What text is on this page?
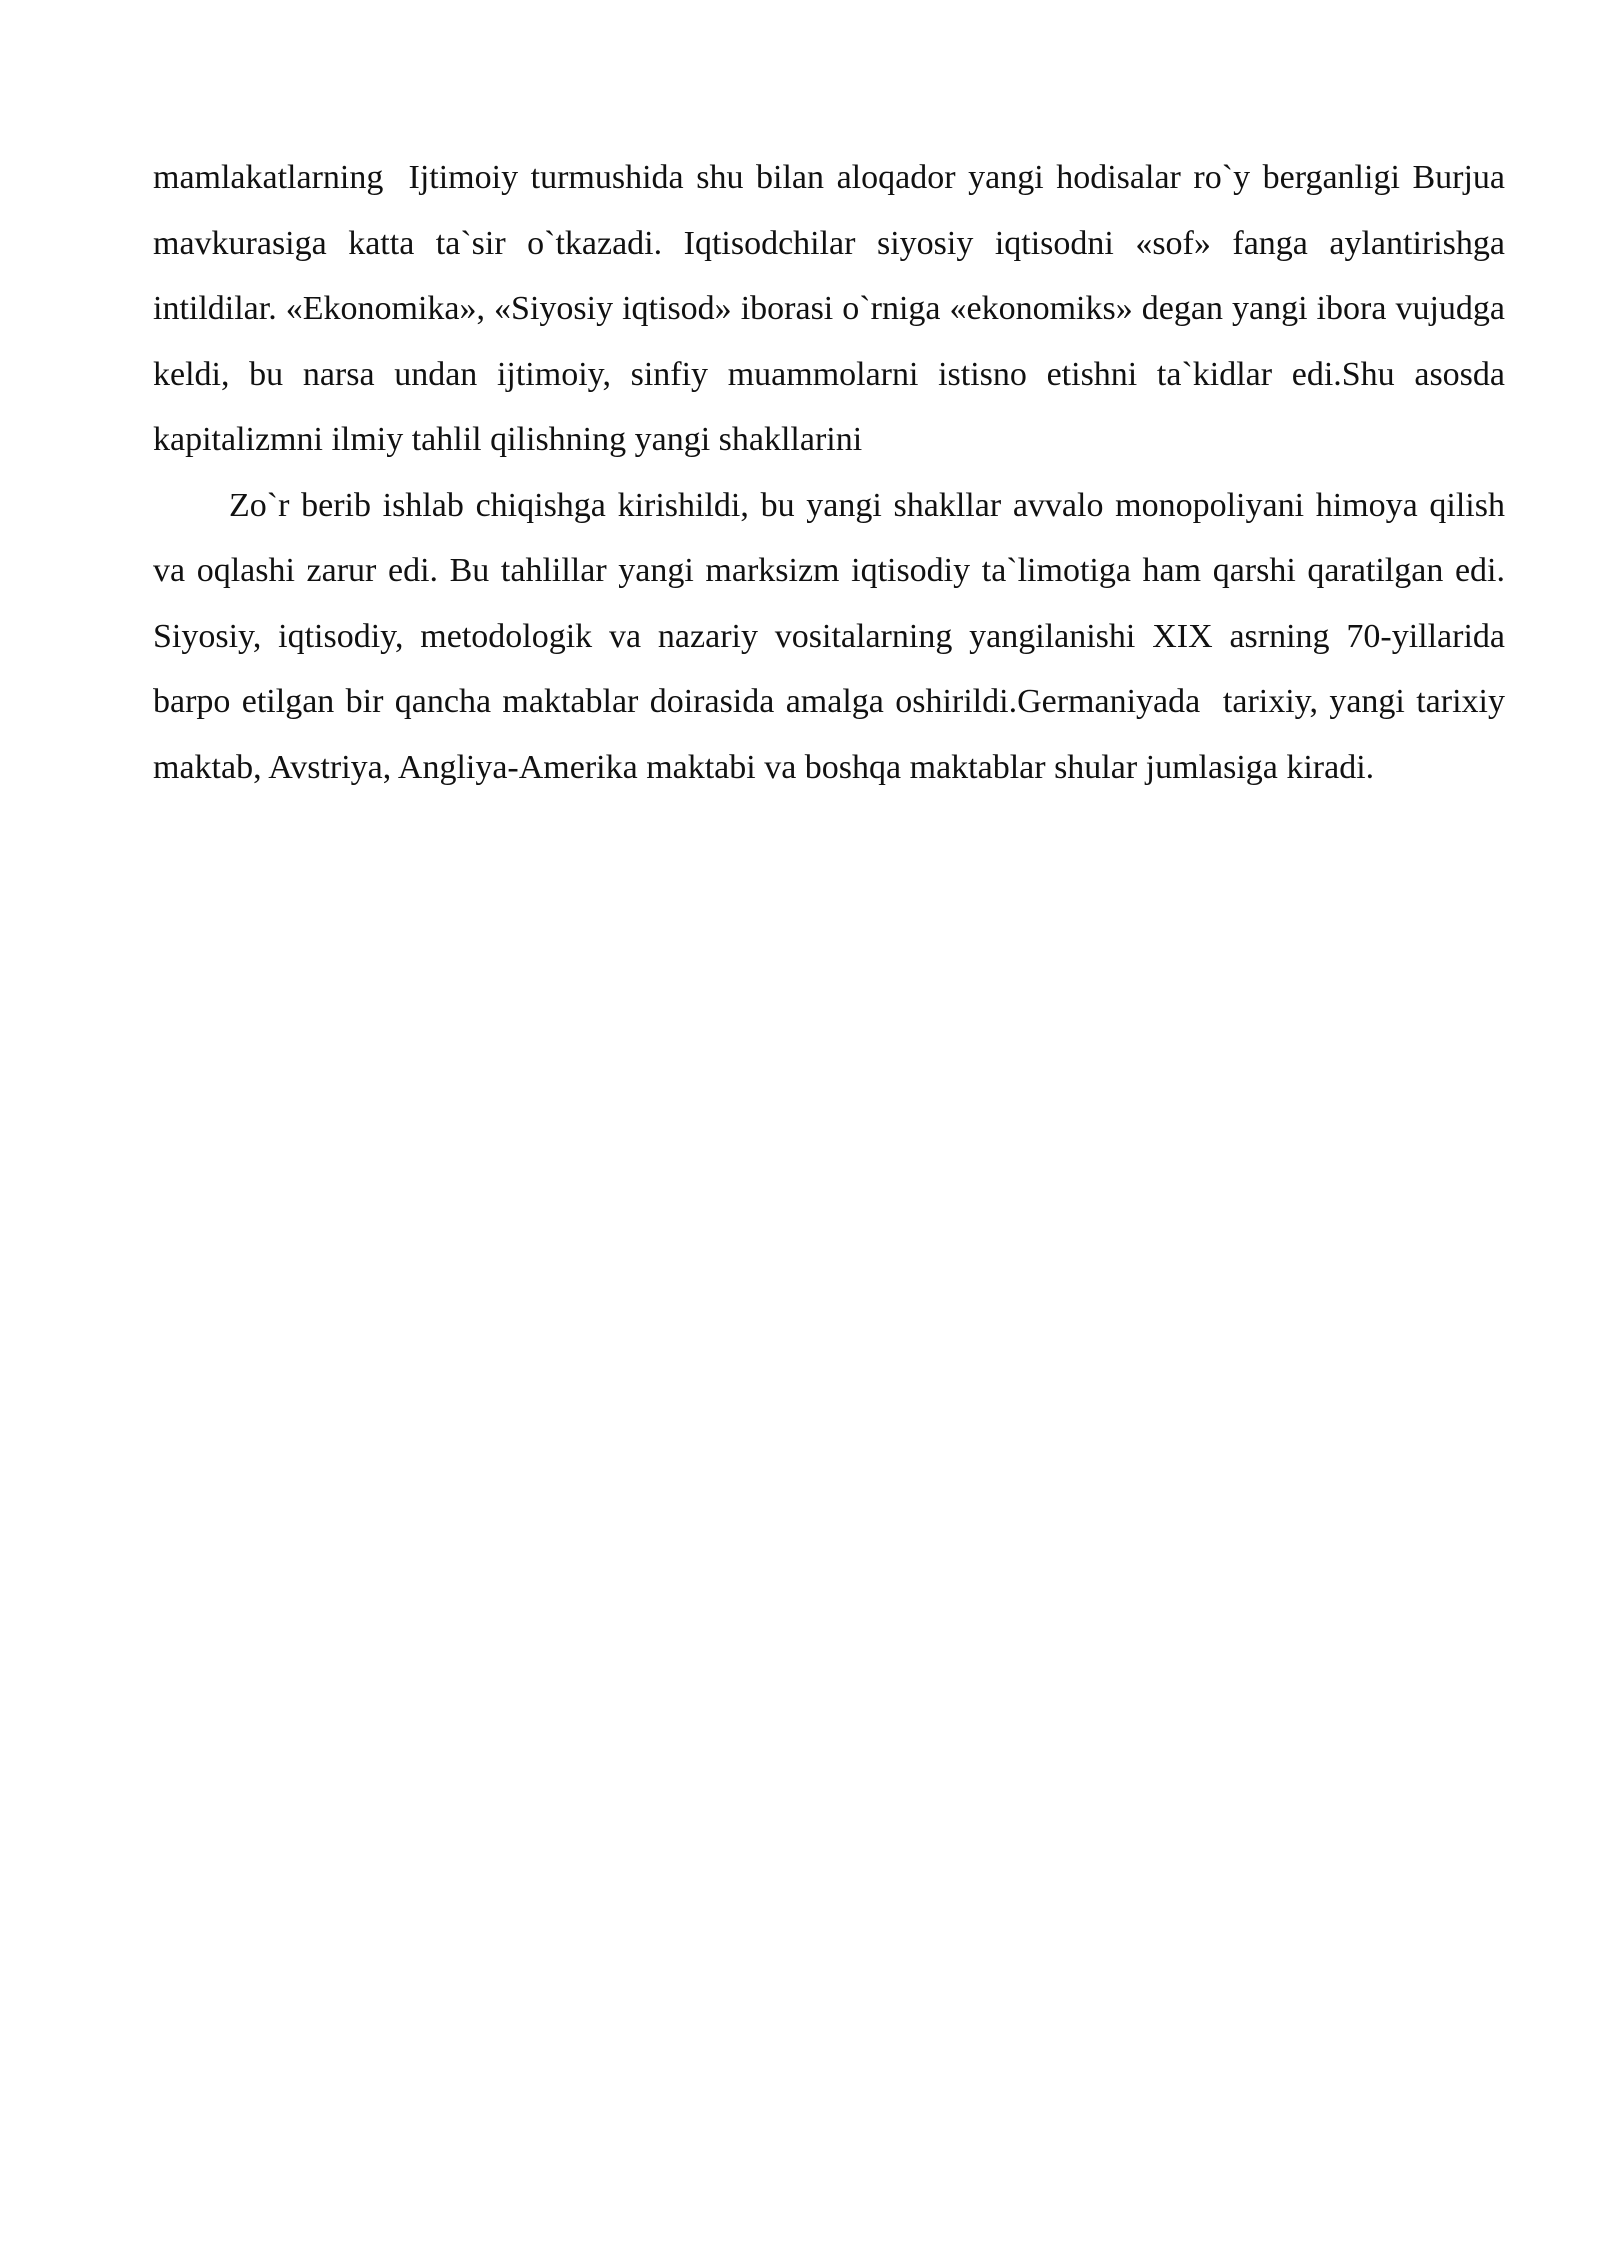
mamlakatlarning  Ijtimoiy turmushida shu bilan aloqador yangi hodisalar ro`y berganligi Burjua mavkurasiga katta ta`sir o`tkazadi. Iqtisodchilar siyosiy iqtisodni «sof» fanga aylantirishga intildilar. «Ekonomika», «Siyosiy iqtisod» iborasi o`rniga «ekonomiks» degan yangi ibora vujudga keldi, bu narsa undan ijtimoiy, sinfiy muammolarni istisno etishni ta`kidlar edi.Shu asosda kapitalizmni ilmiy tahlil qilishning yangi shakllarini

Zo`r berib ishlab chiqishga kirishildi, bu yangi shakllar avvalo monopoliyani himoya qilish va oqlashi zarur edi. Bu tahlillar yangi marksizm iqtisodiy ta`limotiga ham qarshi qaratilgan edi. Siyosiy, iqtisodiy, metodologik va nazariy vositalarning yangilanishi XIX asrning 70-yillarida barpo etilgan bir qancha maktablar doirasida amalga oshirildi.Germaniyada  tarixiy, yangi tarixiy maktab, Avstriya, Angliya-Amerika maktabi va boshqa maktablar shular jumlasiga kiradi.
